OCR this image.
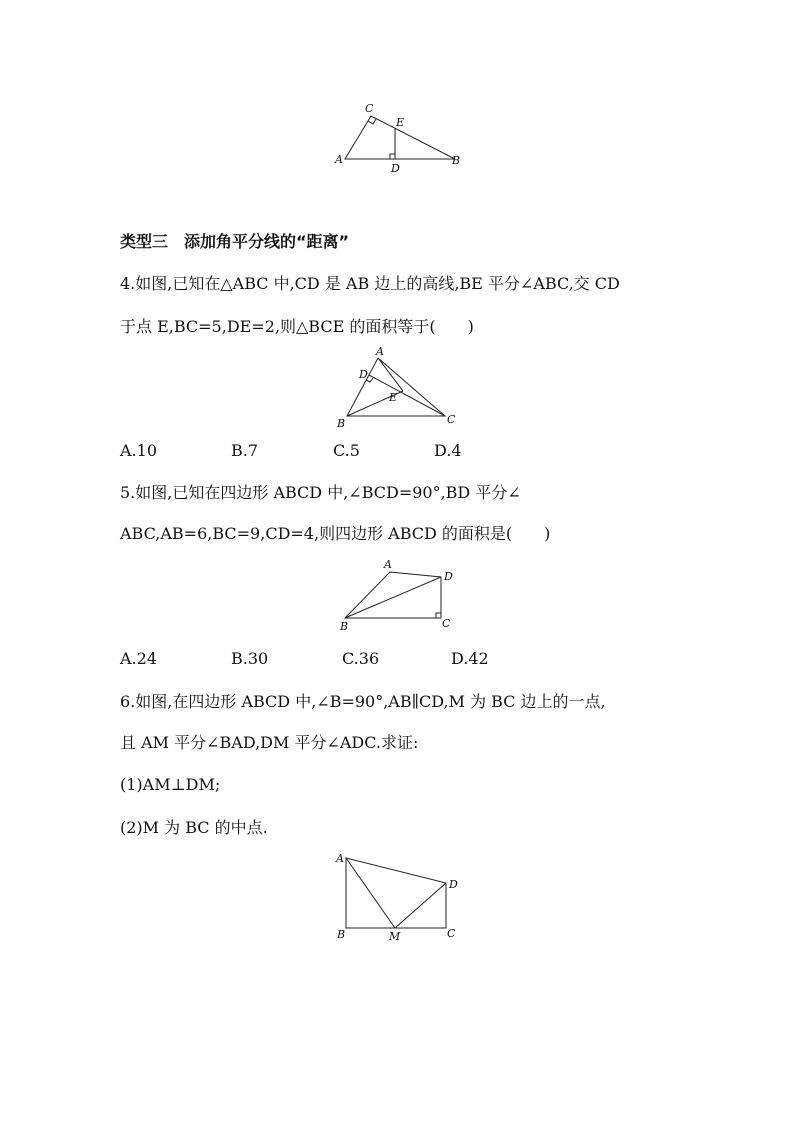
C
E
A
D
B
类型三　添加角平分线的“距离”
4.如图,已知在△ABC 中,CD 是 AB 边上的高线,BE 平分∠ABC,交 CD
于点 E,BC=5,DE=2,则△BCE 的面积等于(　　)
A
D
E
B	C
A.10	B.7	C.5	D.4
5.如图,已知在四边形 ABCD 中,∠BCD=90°,BD 平分∠
ABC,AB=6,BC=9,CD=4,则四边形 ABCD 的面积是(　　)
A
D
B	C
A.24	B.30	C.36	D.42
6.如图,在四边形 ABCD 中,∠B=90°,AB∥CD,M 为 BC 边上的一点,
且 AM 平分∠BAD,DM 平分∠ADC.求证:
(1)AM⊥DM;
(2)M 为 BC 的中点.
A
D
B	M	C
